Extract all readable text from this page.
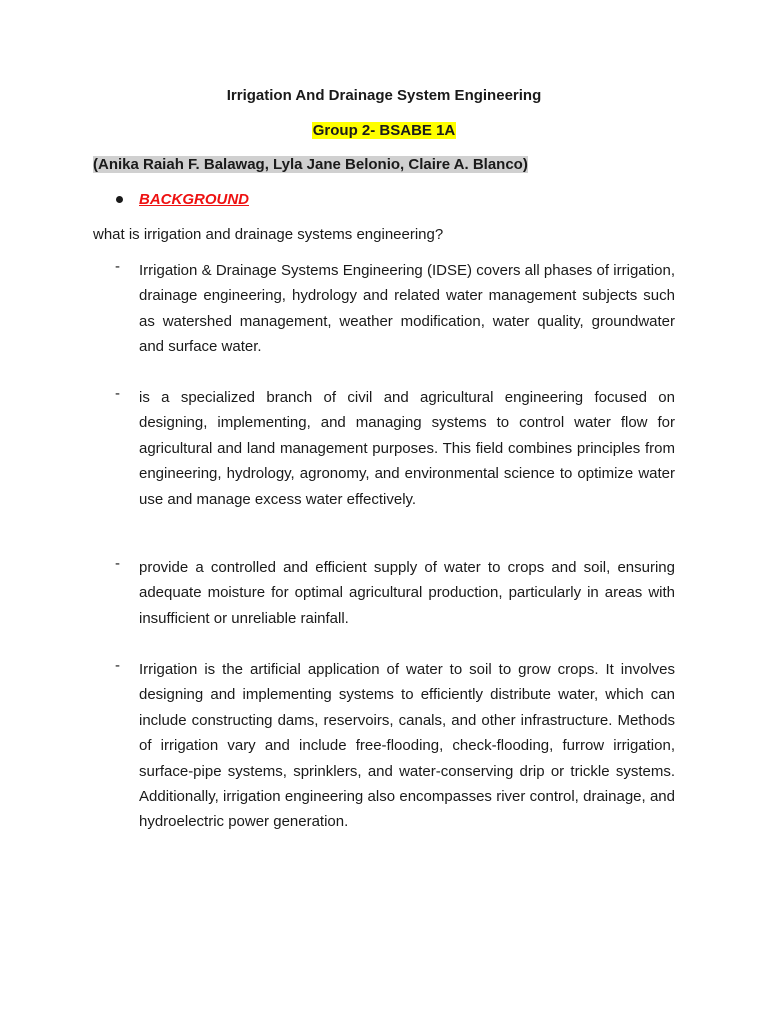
Irrigation And Drainage System Engineering
Group 2- BSABE 1A
(Anika Raiah F. Balawag, Lyla Jane Belonio, Claire A. Blanco)
BACKGROUND
what is irrigation and drainage systems engineering?
- Irrigation & Drainage Systems Engineering (IDSE) covers all phases of irrigation, drainage engineering, hydrology and related water management subjects such as watershed management, weather modification, water quality, groundwater and surface water.
- is a specialized branch of civil and agricultural engineering focused on designing, implementing, and managing systems to control water flow for agricultural and land management purposes. This field combines principles from engineering, hydrology, agronomy, and environmental science to optimize water use and manage excess water effectively.
- provide a controlled and efficient supply of water to crops and soil, ensuring adequate moisture for optimal agricultural production, particularly in areas with insufficient or unreliable rainfall.
- Irrigation is the artificial application of water to soil to grow crops. It involves designing and implementing systems to efficiently distribute water, which can include constructing dams, reservoirs, canals, and other infrastructure. Methods of irrigation vary and include free-flooding, check-flooding, furrow irrigation, surface-pipe systems, sprinklers, and water-conserving drip or trickle systems. Additionally, irrigation engineering also encompasses river control, drainage, and hydroelectric power generation.
